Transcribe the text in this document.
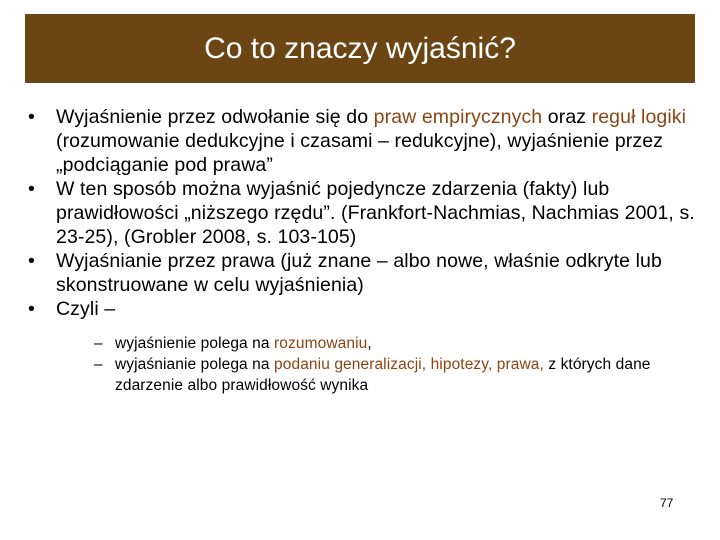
Co to znaczy wyjaśnić?
• Wyjaśnienie przez odwołanie się do praw empirycznych oraz reguł logiki (rozumowanie dedukcyjne i czasami – redukcyjne), wyjaśnienie przez „podciąganie pod prawa”
• W ten sposób można wyjaśnić pojedyncze zdarzenia (fakty) lub prawidłowości „niższego rzędu”. (Frankfort-Nachmias, Nachmias 2001, s. 23-25), (Grobler 2008, s. 103-105)
• Wyjaśnianie przez prawa (już znane – albo nowe, właśnie odkryte lub skonstruowane w celu wyjaśnienia)
• Czyli –
– wyjaśnienie polega na rozumowaniu,
– wyjaśnianie polega na podaniu generalizacji, hipotezy, prawa, z których dane zdarzenie albo prawidłowość wynika
77
